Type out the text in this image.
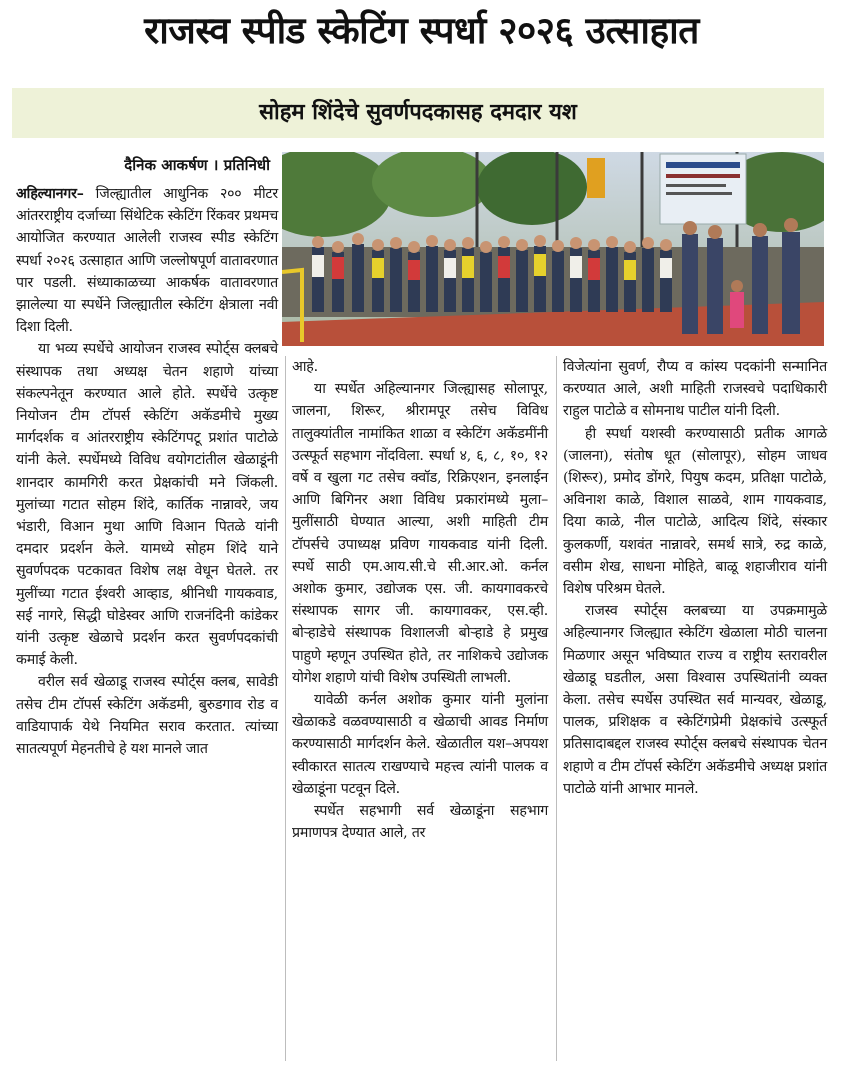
राजस्व स्पीड स्केटिंग स्पर्धा २०२६ उत्साहात
सोहम शिंदेचे सुवर्णपदकासह दमदार यश
दैनिक आकर्षण । प्रतिनिधी

अहिल्यानगर– जिल्ह्यातील आधुनिक २०० मीटर आंतरराष्ट्रीय दर्जाच्या सिंथेटिक स्केटिंग रिंकवर प्रथमच आयोजित करण्यात आलेली राजस्व स्पीड स्केटिंग स्पर्धा २०२६ उत्साहात आणि जल्लोषपूर्ण वातावरणात पार पडली. संध्याकाळच्या आकर्षक वातावरणात झालेल्या या स्पर्धेने जिल्ह्यातील स्केटिंग क्षेत्राला नवी दिशा दिली.

या भव्य स्पर्धेचे आयोजन राजस्व स्पोर्ट्स क्लबचे संस्थापक तथा अध्यक्ष चेतन शहाणे यांच्या संकल्पनेतून करण्यात आले होते. स्पर्धेचे उत्कृष्ट नियोजन टीम टॉपर्स स्केटिंग अकॅडमीचे मुख्य मार्गदर्शक व आंतरराष्ट्रीय स्केटिंगपटू प्रशांत पाटोळे यांनी केले. स्पर्धेमध्ये विविध वयोगटांतील खेळाडूंनी शानदार कामगिरी करत प्रेक्षकांची मने जिंकली. मुलांच्या गटात सोहम शिंदे, कार्तिक नान्नावरे, जय भंडारी, विआन मुथा आणि विआन पितळे यांनी दमदार प्रदर्शन केले. यामध्ये सोहम शिंदे याने सुवर्णपदक पटकावत विशेष लक्ष वेधून घेतले. तर मुलींच्या गटात ईश्वरी आव्हाड, श्रीनिधी गायकवाड, सई नागरे, सिद्धी घोडेस्वर आणि राजनंदिनी कांडेकर यांनी उत्कृष्ट खेळाचे प्रदर्शन करत सुवर्णपदकांची कमाई केली.

वरील सर्व खेळाडू राजस्व स्पोर्ट्स क्लब, सावेडी तसेच टीम टॉपर्स स्केटिंग अकॅडमी, बुरुडगाव रोड व वाडियापार्क येथे नियमित सराव करतात. त्यांच्या सातत्यपूर्ण मेहनतीचे हे यश मानले जात

आहे.

या स्पर्धेत अहिल्यानगर जिल्ह्यासह सोलापूर, जालना, शिरूर, श्रीरामपूर तसेच विविध तालुक्यांतील नामांकित शाळा व स्केटिंग अकॅडमींनी उत्स्फूर्त सहभाग नोंदविला. स्पर्धा ४, ६, ८, १०, १२ वर्षे व खुला गट तसेच क्वॉड, रिक्रिएशन, इनलाईन आणि बिगिनर अशा विविध प्रकारांमध्ये मुला–मुलींसाठी घेण्यात आल्या, अशी माहिती टीम टॉपर्सचे उपाध्यक्ष प्रविण गायकवाड यांनी दिली. स्पर्धे साठी एम.आय.सी.चे सी.आर.ओ. कर्नल अशोक कुमार, उद्योजक एस. जी. कायगावकरचे संस्थापक सागर जी. कायगावकर, एस.व्ही. बोऱ्हाडेचे संस्थापक विशालजी बोऱ्हाडे हे प्रमुख पाहुणे म्हणून उपस्थित होते, तर नाशिकचे उद्योजक योगेश शहाणे यांची विशेष उपस्थिती लाभली.

यावेळी कर्नल अशोक कुमार यांनी मुलांना खेळाकडे वळवण्यासाठी व खेळाची आवड निर्माण करण्यासाठी मार्गदर्शन केले. खेळातील यश–अपयश स्वीकारत सातत्य राखण्याचे महत्त्व त्यांनी पालक व खेळाडूंना पटवून दिले.

स्पर्धेत सहभागी सर्व खेळाडूंना सहभाग प्रमाणपत्र देण्यात आले, तर

विजेत्यांना सुवर्ण, रौप्य व कांस्य पदकांनी सन्मानित करण्यात आले, अशी माहिती राजस्वचे पदाधिकारी राहुल पाटोळे व सोमनाथ पाटील यांनी दिली.

ही स्पर्धा यशस्वी करण्यासाठी प्रतीक आगळे (जालना), संतोष धूत (सोलापूर), सोहम जाधव (शिरूर), प्रमोद डोंगरे, पियुष कदम, प्रतिक्षा पाटोळे, अविनाश काळे, विशाल साळवे, शाम गायकवाड, दिया काळे, नील पाटोळे, आदित्य शिंदे, संस्कार कुलकर्णी, यशवंत नान्नावरे, समर्थ सात्रे, रुद्र काळे, वसीम शेख, साधना मोहिते, बाळू शहाजीराव यांनी विशेष परिश्रम घेतले.

राजस्व स्पोर्ट्स क्लबच्या या उपक्रमामुळे अहिल्यानगर जिल्ह्यात स्केटिंग खेळाला मोठी चालना मिळणार असून भविष्यात राज्य व राष्ट्रीय स्तरावरील खेळाडू घडतील, असा विश्वास उपस्थितांनी व्यक्त केला. तसेच स्पर्धेस उपस्थित सर्व मान्यवर, खेळाडू, पालक, प्रशिक्षक व स्केटिंगप्रेमी प्रेक्षकांचे उत्स्फूर्त प्रतिसादाबद्दल राजस्व स्पोर्ट्स क्लबचे संस्थापक चेतन शहाणे व टीम टॉपर्स स्केटिंग अकॅडमीचे अध्यक्ष प्रशांत पाटोळे यांनी आभार मानले.
